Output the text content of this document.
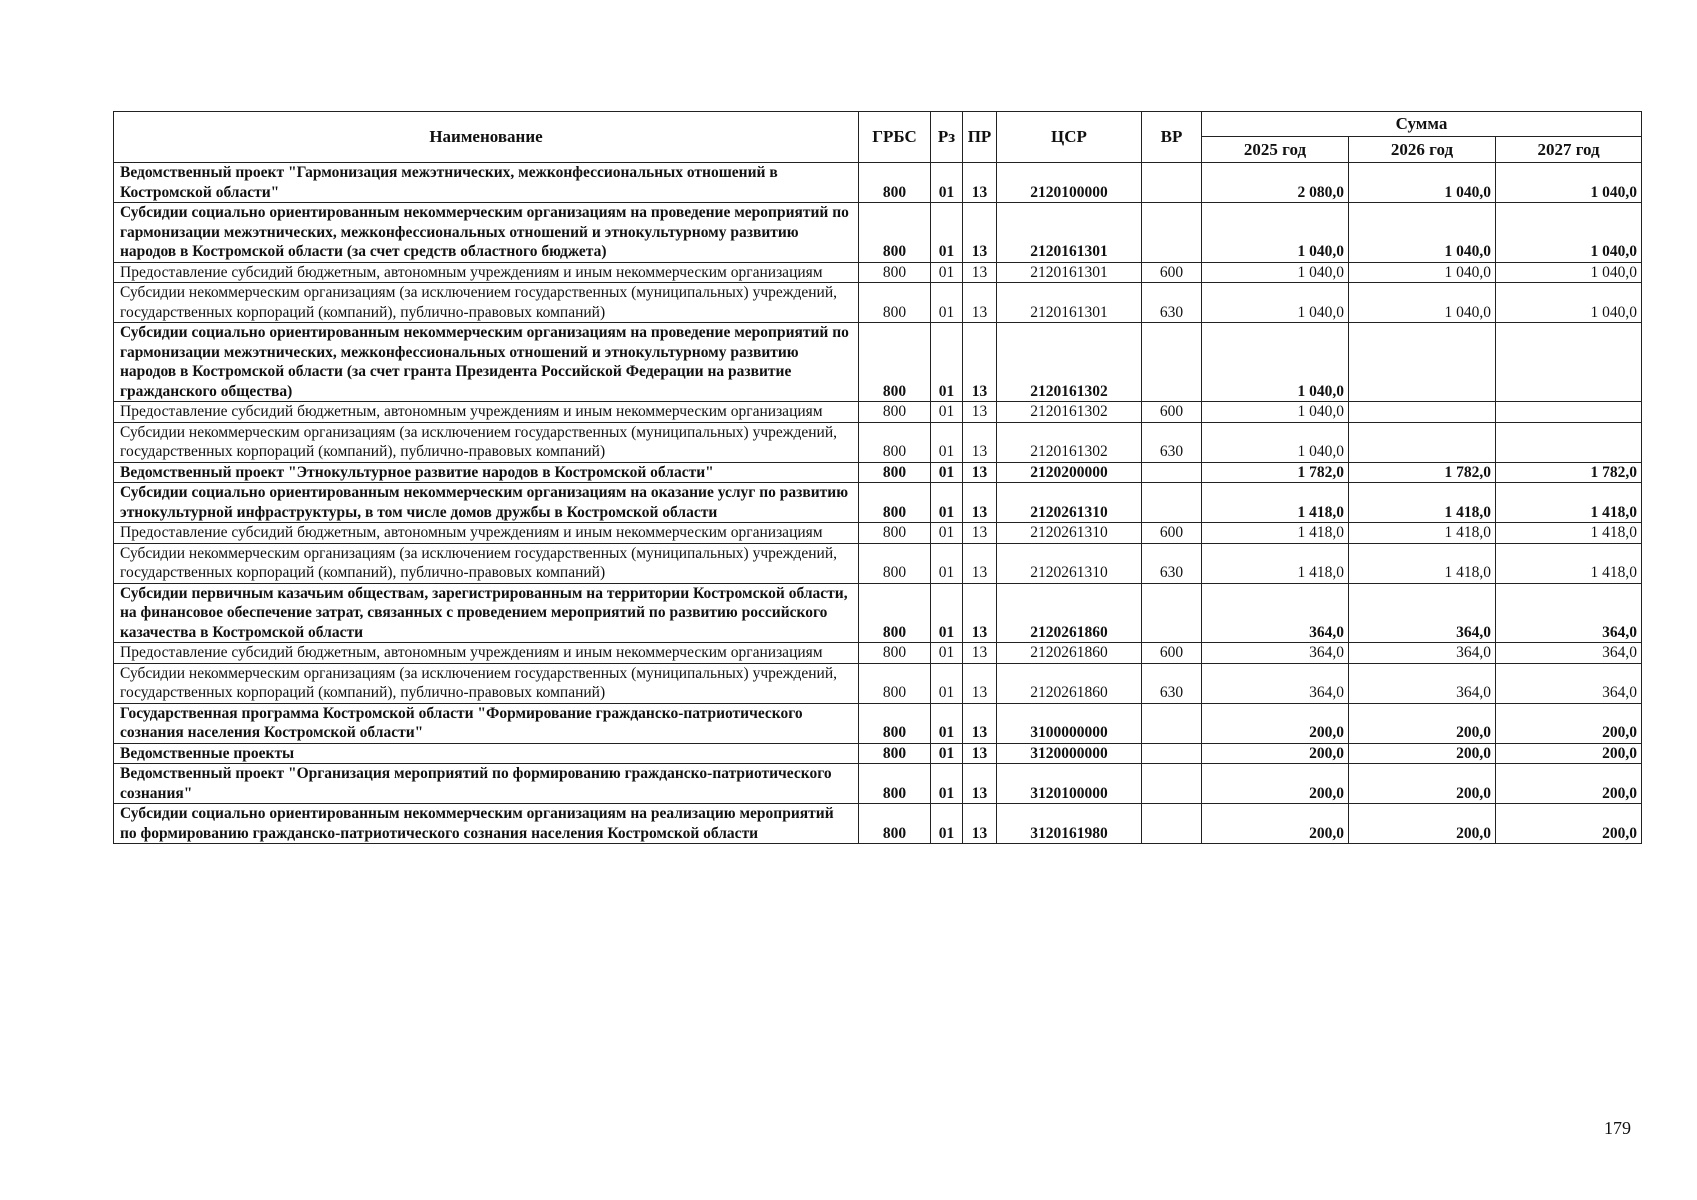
Наименование	ГРБС	Рз	ПР	ЦСР	ВР	Сумма		
						2025 год	2026 год	2027 год
Ведомственный проект "Гармонизация межэтнических, межконфессиональных отношений в Костромской области"	800	01	13	2120100000		2 080,0	1 040,0	1 040,0
Субсидии социально ориентированным некоммерческим организациям на проведение мероприятий по гармонизации межэтнических, межконфессиональных отношений и этнокультурному развитию народов в Костромской области (за счет средств областного бюджета)	800	01	13	2120161301		1 040,0	1 040,0	1 040,0
Предоставление субсидий бюджетным, автономным учреждениям и иным некоммерческим организациям	800	01	13	2120161301	600	1 040,0	1 040,0	1 040,0
Субсидии некоммерческим организациям (за исключением государственных (муниципальных) учреждений, государственных корпораций (компаний), публично-правовых компаний)	800	01	13	2120161301	630	1 040,0	1 040,0	1 040,0
Субсидии социально ориентированным некоммерческим организациям на проведение мероприятий по гармонизации межэтнических, межконфессиональных отношений и этнокультурному развитию народов в Костромской области (за счет гранта Президента Российской Федерации на развитие гражданского общества)	800	01	13	2120161302		1 040,0		
Предоставление субсидий бюджетным, автономным учреждениям и иным некоммерческим организациям	800	01	13	2120161302	600	1 040,0		
Субсидии некоммерческим организациям (за исключением государственных (муниципальных) учреждений, государственных корпораций (компаний), публично-правовых компаний)	800	01	13	2120161302	630	1 040,0		
Ведомственный проект "Этнокультурное развитие народов в Костромской области"	800	01	13	2120200000		1 782,0	1 782,0	1 782,0
Субсидии социально ориентированным некоммерческим организациям на оказание услуг по развитию этнокультурной инфраструктуры, в том числе домов дружбы в Костромской области	800	01	13	2120261310		1 418,0	1 418,0	1 418,0
Предоставление субсидий бюджетным, автономным учреждениям и иным некоммерческим организациям	800	01	13	2120261310	600	1 418,0	1 418,0	1 418,0
Субсидии некоммерческим организациям (за исключением государственных (муниципальных) учреждений, государственных корпораций (компаний), публично-правовых компаний)	800	01	13	2120261310	630	1 418,0	1 418,0	1 418,0
Субсидии первичным казачьим обществам, зарегистрированным на территории Костромской области, на финансовое обеспечение затрат, связанных с проведением мероприятий по развитию российского казачества в Костромской области	800	01	13	2120261860		364,0	364,0	364,0
Предоставление субсидий бюджетным, автономным учреждениям и иным некоммерческим организациям	800	01	13	2120261860	600	364,0	364,0	364,0
Субсидии некоммерческим организациям (за исключением государственных (муниципальных) учреждений, государственных корпораций (компаний), публично-правовых компаний)	800	01	13	2120261860	630	364,0	364,0	364,0
Государственная программа Костромской области "Формирование гражданско-патриотического сознания населения Костромской области"	800	01	13	3100000000		200,0	200,0	200,0
Ведомственные проекты	800	01	13	3120000000		200,0	200,0	200,0
Ведомственный проект "Организация мероприятий по формированию гражданско-патриотического сознания"	800	01	13	3120100000		200,0	200,0	200,0
Субсидии социально ориентированным некоммерческим организациям на реализацию мероприятий по формированию гражданско-патриотического сознания населения Костромской области	800	01	13	3120161980		200,0	200,0	200,0
179
